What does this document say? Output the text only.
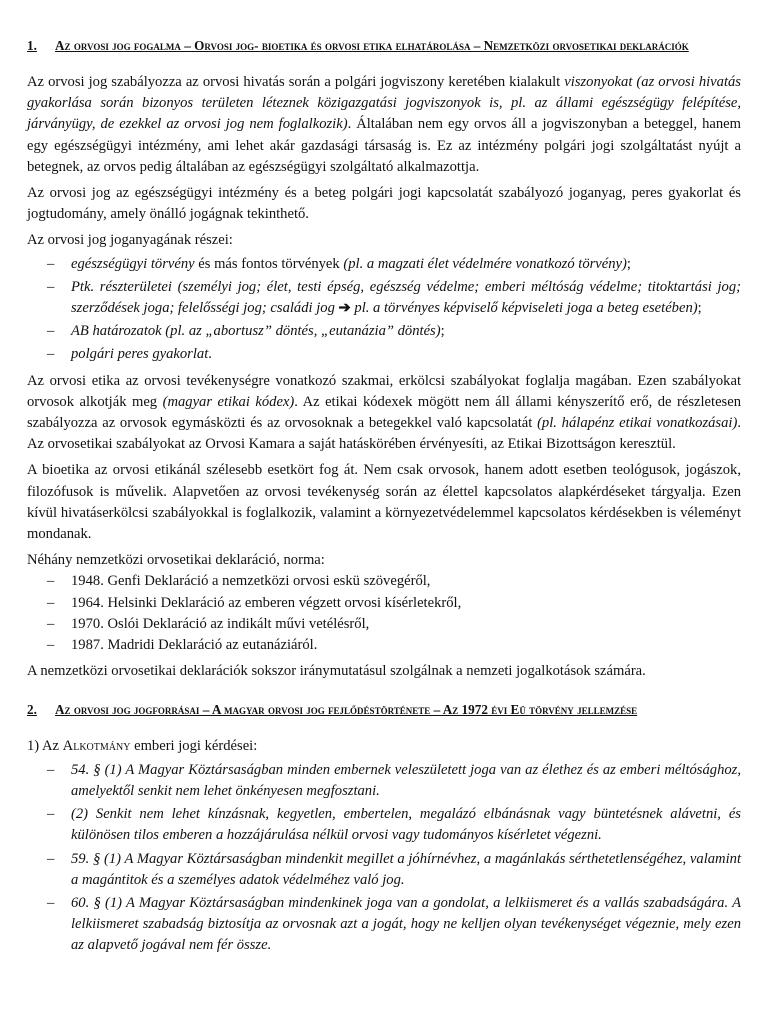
1. Az orvosi jog fogalma – Orvosi jog- bioetika és orvosi etika elhatárolása – Nemzetközi orvosetikai deklarációk

Az orvosi jog szabályozza az orvosi hivatás során a polgári jogviszony keretében kialakult viszonyokat (az orvosi hivatás gyakorlása során bizonyos területen léteznek közigazgatási jogviszonyok is, pl. az állami egészségügy felépítése, járványügy, de ezekkel az orvosi jog nem foglalkozik). Általában nem egy orvos áll a jogviszonyban a beteggel, hanem egy egészségügyi intézmény, ami lehet akár gazdasági társaság is. Ez az intézmény polgári jogi szolgáltatást nyújt a betegnek, az orvos pedig általában az egészségügyi szolgáltató alkalmazottja.

Az orvosi jog az egészségügyi intézmény és a beteg polgári jogi kapcsolatát szabályozó joganyag, peres gyakorlat és jogtudomány, amely önálló jogágnak tekinthető.

Az orvosi jog joganyagának részei:

– egészségügyi törvény és más fontos törvények (pl. a magzati élet védelmére vonatkozó törvény);
– Ptk. részterületei (személyi jog; élet, testi épség, egészség védelme; emberi méltóság védelme; titoktartási jog; szerződések joga; felelősségi jog; családi jog ➔ pl. a törvényes képviselő képviseleti joga a beteg esetében);
– AB határozatok (pl. az „abortusz” döntés, „eutanázia” döntés);
– polgári peres gyakorlat.

Az orvosi etika az orvosi tevékenységre vonatkozó szakmai, erkölcsi szabályokat foglalja magában. Ezen szabályokat orvosok alkotják meg (magyar etikai kódex). Az etikai kódexek mögött nem áll állami kényszerítő erő, de részletesen szabályozza az orvosok egymásközti és az orvosoknak a betegekkel való kapcsolatát (pl. hálapénz etikai vonatkozásai). Az orvosetikai szabályokat az Orvosi Kamara a saját hatáskörében érvényesíti, az Etikai Bizottságon keresztül.

A bioetika az orvosi etikánál szélesebb esetkört fog át. Nem csak orvosok, hanem adott esetben teológusok, jogászok, filozófusok is művelik. Alapvetően az orvosi tevékenység során az élettel kapcsolatos alapkérdéseket tárgyalja. Ezen kívül hivatáserkölcsi szabályokkal is foglalkozik, valamint a környezetvédelemmel kapcsolatos kérdésekben is véleményt mondanak.

Néhány nemzetközi orvosetikai deklaráció, norma:

– 1948. Genfi Deklaráció a nemzetközi orvosi eskü szövegéről,
– 1964. Helsinki Deklaráció az emberen végzett orvosi kísérletekről,
– 1970. Oslói Deklaráció az indikált művi vetélésről,
– 1987. Madridi Deklaráció az eutanáziáról.

A nemzetközi orvosetikai deklarációk sokszor iránymutatásul szolgálnak a nemzeti jogalkotások számára.

2. Az orvosi jog jogforrásai – A magyar orvosi jog fejlődéstörténete – Az 1972 évi Eü törvény jellemzése

1) Az Alkotmány emberi jogi kérdései:

– 54. § (1) A Magyar Köztársaságban minden embernek veleszületett joga van az élethez és az emberi méltósághoz, amelyektől senkit nem lehet önkényesen megfosztani.
– (2) Senkit nem lehet kínzásnak, kegyetlen, embertelen, megalázó elbánásnak vagy büntetésnek alávetni, és különösen tilos emberen a hozzájárulása nélkül orvosi vagy tudományos kísérletet végezni.
– 59. § (1) A Magyar Köztársaságban mindenkit megillet a jóhírnévhez, a magánlakás sérthetetlenségéhez, valamint a magántitok és a személyes adatok védelméhez való jog.
– 60. § (1) A Magyar Köztársaságban mindenkinek joga van a gondolat, a lelkiismeret és a vallás szabadságára. A lelkiismeret szabadság biztosítja az orvosnak azt a jogát, hogy ne kelljen olyan tevékenységet végeznie, mely ezen az alapvető jogával nem fér össze.
